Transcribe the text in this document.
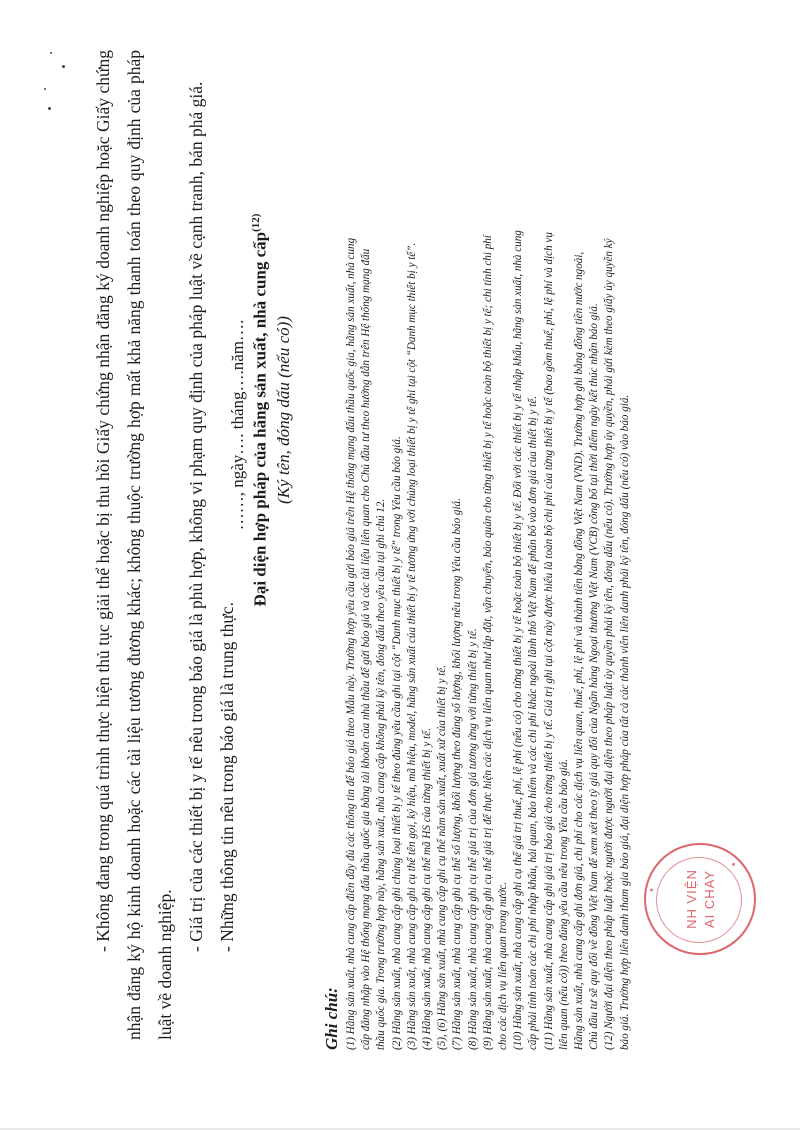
- Không đang trong quá trình thực hiện thủ tục giải thể hoặc bị thu hồi Giấy chứng nhận đăng ký doanh nghiệp hoặc Giấy chứng nhận đăng ký hộ kinh doanh hoặc các tài liệu tương đương khác; không thuộc trường hợp mất khả năng thanh toán theo quy định của pháp luật về doanh nghiệp.

- Giá trị của các thiết bị y tế nêu trong báo giá là phù hợp, không vi phạm quy định của pháp luật về cạnh tranh, bán phá giá. - Những thông tin nêu trong báo giá là trung thực.

……, ngày…. tháng….năm…. Đại diện hợp pháp của hãng sản xuất, nhà cung cấp$^{(12)}$
(Ký tên, đóng dấu (nếu có))
Ghi chú: (1) Hãng sản xuất, nhà cung cấp điền đầy đủ các thông tin để báo giá theo Mẫu này. Trường hợp yêu cầu gửi báo giá trên Hệ thống mạng đấu thầu quốc gia, hãng sản xuất, nhà cung cấp đăng nhập vào Hệ thống mạng đấu thầu quốc gia bằng tài khoản của nhà thầu để gửi báo giá và các tài liệu liên quan cho Chủ đầu tư theo hướng dẫn trên Hệ thống mạng đấu thầu quốc gia. Trong trường hợp này, hãng sản xuất, nhà cung cấp không phải ký tên, đóng dấu theo yêu cầu tại ghi chú 12. (2) Hãng sản xuất, nhà cung cấp ghi chủng loại thiết bị y tế theo đúng yêu cầu ghi tại cột “Danh mục thiết bị y tế” trong Yêu cầu báo giá. (3) Hãng sản xuất, nhà cung cấp ghi cụ thể tên gọi, ký hiệu, mã hiệu, model, hãng sản xuất của thiết bị y tế tương ứng với chủng loại thiết bị y tế ghi tại cột “Danh mục thiết bị y tế”. (4) Hãng sản xuất, nhà cung cấp ghi cụ thể mã HS của từng thiết bị y tế. (5), (6) Hãng sản xuất, nhà cung cấp ghi cụ thể năm sản xuất, xuất xứ của thiết bị y tế. (7) Hãng sản xuất, nhà cung cấp ghi cụ thể số lượng, khối lượng theo đúng số lượng, khối lượng nêu trong Yêu cầu báo giá. (8) Hãng sản xuất, nhà cung cấp ghi cụ thể giá trị của đơn giá tương ứng với từng thiết bị y tế. (9) Hãng sản xuất, nhà cung cấp ghi cụ thể giá trị để thực hiện các dịch vụ liên quan như lắp đặt, vận chuyển, bảo quản cho từng thiết bị y tế hoặc toàn bộ thiết bị y tế; chi tính chi phí cho các dịch vụ liên quan trong nước. (10) Hãng sản xuất, nhà cung cấp ghi cụ thể giá trị thuế, phí, lệ phí (nếu có) cho từng thiết bị y tế hoặc toàn bộ thiết bị y tế. Đối với các thiết bị y tế nhập khẩu, hãng sản xuất, nhà cung cấp phải tính toán các chi phí nhập khẩu, hải quan, bảo hiểm và các chi phí khác ngoài lãnh thổ Việt Nam để phân bổ vào đơn giá của thiết bị y tế. (11) Hãng sản xuất, nhà cung cấp ghi giá trị báo giá cho từng thiết bị y tế. Giá trị ghi tại cột này được hiểu là toàn bộ chi phí của từng thiết bị y tế (bao gồm thuế, phí, lệ phí và dịch vụ liên quan (nếu có)) theo đúng yêu cầu nêu trong Yêu cầu báo giá. Hãng sản xuất, nhà cung cấp ghi đơn giá, chi phí cho các dịch vụ liên quan, thuế, phí, lệ phí và thành tiền bằng đồng Việt Nam (VND). Trường hợp ghi bằng đồng tiền nước ngoài, Chủ đầu tư sẽ quy đổi về đồng Việt Nam để xem xét theo tỷ giá quy đổi của Ngân hàng Ngoại thương Việt Nam (VCB) công bố tại thời điểm ngày kết thúc nhận báo giá. (12) Người đại diện theo pháp luật hoặc người được người đại diện theo pháp luật ủy quyền phải ký tên, đóng dấu (nếu có). Trường hợp ủy quyền, phải gửi kèm theo giấy ủy quyền ký báo giá. Trường hợp liên danh tham gia báo giá, đại diện hợp pháp của tất cả các thành viên liên danh phải ký tên, đóng dấu (nếu có) vào báo giá.	NH VIỆN AI CHAY
✦
✦
